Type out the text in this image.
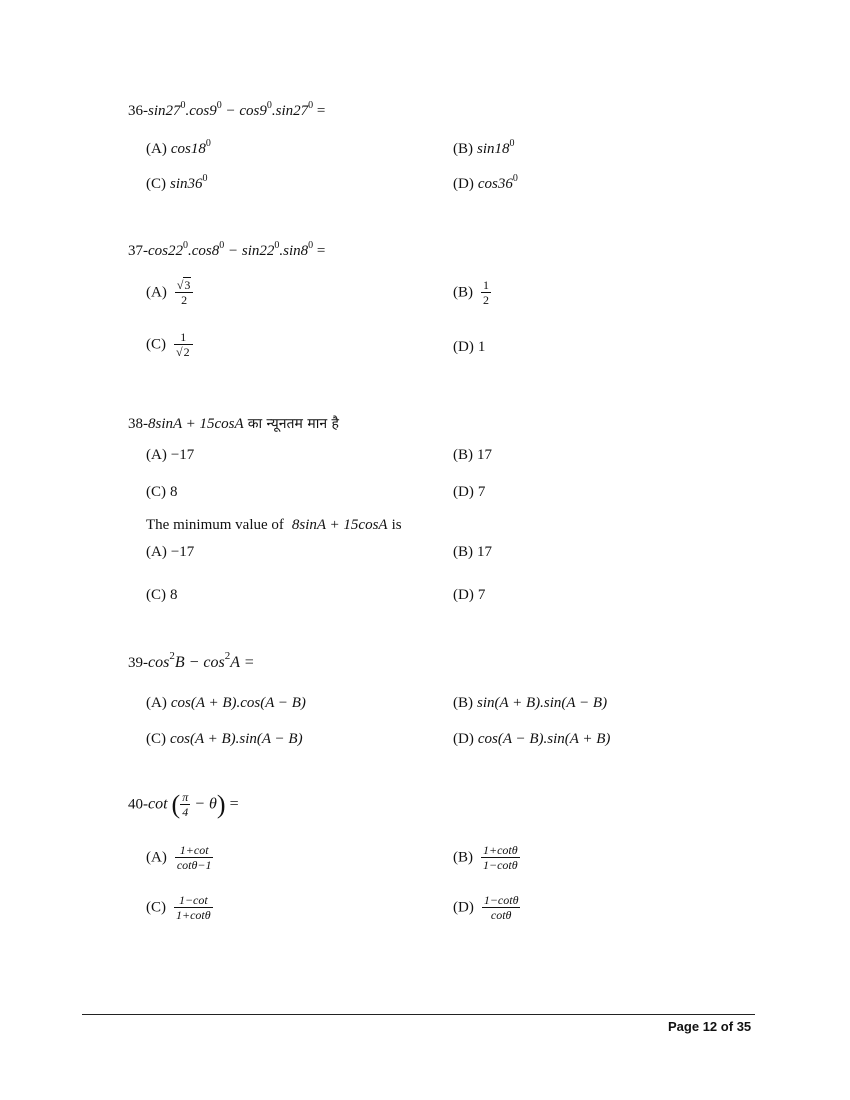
$36-\sin 27^0.\cos 9^0 - \cos 9^0.\sin 27^0$ =
(A) $\cos 18^0$	(B) $\sin 18^0$
(C) $\sin 36^0$	(D) $\cos 36^0$
$37-\cos 22^0.\cos 8^0 - \sin 22^0.\sin 8^0$ =
$(A) \frac{√3}{2}$	$(B) \frac{1}{2}$
$(C) \frac{1}{√2}$	(D) 1
38-8sinA + 15cosA का न्यूनतम मान है
(A) −17	(B) 17
(C) 8	(D) 7
The minimum value of 8sinA + 15cosA is
(A) −17	(B) 17
(C) 8	(D) 7
$39-\cos^2B - \cos^2A$ =
(A) cos(A + B).cos(A − B)	(B) sin(A + B).sin(A − B)
(C) cos(A + B).sin(A − B)	(D) cos(A − B).sin(A + B)
40-cot ( $\frac{\pi}{4} - \theta$) =
$(A) \frac{1+\cot}{\cot\theta-1}$	$(B) \frac{1+\cot\theta}{1-\cot\theta}$
$(C) \frac{1-\cot}{1+\cot\theta}$	$(D) \frac{1-\cot\theta}{\cot\theta}$
Page 12 of 35
